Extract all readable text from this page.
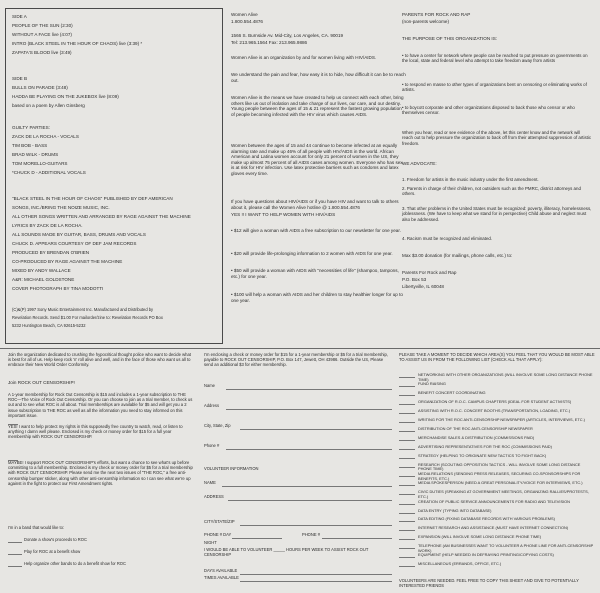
SIDE A
PEOPLE OF THE SUN (2:30)
WITHOUT A FACE live (4:07)
INTRO (BLACK STEEL IN THE HOUR OF CHAOS) live (3:39) *
ZAPATA'S BLOOD live (3:49)
SIDE B
BULLS ON PARADE (3:48)
HADDA BE PLAYING ON THE JUKEBOX live (8:09)
based on a poem by Allen Ginsberg
GUILTY PARTIES:
ZACK DE LA ROCHA - VOCALS
TIM BOB - BASS
BRAD WILK - DRUMS
TOM MORELLO-GUITARS
*CHUCK D - ADDITIONAL VOCALS
"BLACK STEEL IN THE HOUR OF CHAOS" PUBLISHED BY DEF AMERICAN
SONGS, INC./BRING THE NOIZE MUSIC, INC.
ALL OTHER SONGS WRITTEN AND ARRANGED BY RAGE AGAINST THE MACHINE
LYRICS BY ZACK DE LA ROCHA.
ALL SOUNDS MADE BY GUITAR, BASS, DRUMS AND VOCALS
CHUCK D. APPEARS COURTESY OF DEF JAM RECORDS
PRODUCED BY BRENDAN O'BRIEN
CO-PRODUCED BY RAGE AGAINST THE MACHINE
MIXED BY ANDY WALLACE
A&R: MICHAEL GOLDSTONE
COVER PHOTOGRAPH BY TINA MODOTTI
(C)&(P) 1997 Sony Music Entertainment Inc. Manufactured and Distributed by
Revelation Records. Send $1.00 For mailorder/zine to: Revelation Records PO Box
5232 Huntington Beach, CA 92615-5232
Women Alive
1.800.554.4876
1566 S. Burnside Av. Mid-City, Los Angeles, CA. 90019
Tel: 213.965.1564 Fax: 213.965.9886
Women Alive is an organization by and for women living with HIV/AIDS.
We understand the pain and fear, how easy it is to hide, how difficult it can be to reach out.
Women Alive is the means we have created to help us connect with each other, bring others like us out of isolation and take charge of our lives, our care, and our destiny. Young people between the ages of 15 & 21 represent the fastest growing population of people becoming infected with the HIV virus which causes AIDS.
Women between the ages of 15 and 44 continue to become infected at an equally alarming rate and make up 46% of all people with HIV/AIDS in the world. African American and Latina women account for only 21 percent of women in the US, they make up almost 75 percent of all AIDS cases among women. Everyone who has sex is at risk for HIV infection. Use latex protective barriers such as condoms and latex gloves every time.
If you have questions about HIV/AIDS or if you have HIV and want to talk to others about it, please call the Women Alive hotline @ 1.800.554.4876
YES !! I WANT TO HELP WOMEN WITH HIV/AIDS
• $12 will give a woman with AIDS a free subscription to our newsletter for one year.
• $20 will provide life-prolonging information to 2 women with AIDS for one year.
• $50 will provide a woman with AIDS with "necessities of life" (shampoo, tampons, etc.) for one year.
• $100 will help a woman with AIDS and her children to stay healthier longer for up to one year.
PARENTS FOR ROCK AND RAP
(non-parents welcome)
THE PURPOSE OF THIS ORGANIZATION IS:
• to have a center for network where people can be reached to put pressure on governments on the local, state and federal level who attempt to take freedom away from artists
• to respond en masse to other types of organizations bent on censoring or eliminating works of artists.
• to boycott corporate and other organizations disposed to back those who censor or who themselves censor.
When you hear, read or see evidence of the above, let this center know and the network will reach out to help pressure the organization to back off from their attempted suppression of artistic freedom.
WE ADVOCATE:
1. Freedom for artists in the music industry under the first amendment.
2. Parents in charge of their children, not outsiders such as the PMRC, district attorneys and others.
3. That other problems in the United States must be recognized: poverty, illiteracy, homelessness, joblessness. (We have to keep what we stand for in perspective) Child abuse and neglect must also be addressed.
4. Racism must be recognized and eliminated.
Max $3.00 donation (for mailings, phone calls, etc.) to:
Parents For Rock and Rap
P.O. Box 53
Libertyville, IL 60048
Join the organization dedicated to crushing the hypocritical thought police who want to decide what is best for all of us. Help keep rock 'n' roll alive and well, and in the face of those who want us all to embrace their New World Order Conformity.
Join ROCK OUT CENSORSHIP!
A 1-year membership for Rock Out Censorship is $15 and includes a 1-year subscription to THE ROC—The Voice of Rock Out Censorship. Or you can choose to join as a trial member, to check us out and to see what ROC is all about. Trial memberships are available for $5 and will get you a 2 issue subscription to THE ROC as well as all the information you need to stay informed on this important issue.
YES! I want to help protect my rights in this supposedly free country to watch, read, or listen to anything I damn well please. Enclosed is my check or money order for $15 for a full year membership with ROCK OUT CENSORSHIP.
MAYBE! I support ROCK OUT CENSORSHIP's efforts, but want a chance to see what's up before committing to a full membership. Enclosed is my check or money order for $5 for a trial membership with ROCK OUT CENSORSHIP. Please send me the next two issues of "THE ROC," a free anti-censorship bumper sticker, along with other anti-censorship information so I can see what we're up against in the fight to protect our First Amendment rights.
I'm in a band that would like to:
Donate a show's proceeds to ROC
Play for ROC at a benefit show
Help organize other bands to do a benefit show for ROC
I'm enclosing a check or money order for $15 for a 1-year membership or $5 for a trial membership, payable to ROCK OUT CENSORSHIP, P.O. Box 147, Jewett, OH 43986. Outside the US, Please send an additional $3 for either membership.
Name
Address
City, State, Zip
Phone #
VOLUNTEER INFORMATION
NAME
ADDRESS
CITY/STATE/ZIP
PHONE # DAY	PHONE #
NIGHT
I WOULD BE ABLE TO VOLUNTEER _____ HOURS PER WEEK TO ASSIST ROCK OUT CENSORSHIP
DAYS AVAILABLE
TIMES AVAILABLE
PLEASE TAKE A MOMENT TO DECIDE WHICH AREA(S) YOU FEEL THAT YOU WOULD BE MOST ABLE TO ASSIST US IN FROM THE FOLLOWING LIST (CHECK ALL THAT APPLY):
NETWORKING WITH OTHER ORGANIZATIONS (WILL INVOLVE SOME LONG DISTANCE PHONE TIME)
FUND RAISING
BENEFIT CONCERT COORDINATING
ORGANIZATION OF R.O.C. CAMPUS CHAPTERS (IDEAL FOR STUDENT ACTIVISTS)
ASSISTING WITH R.O.C. CONCERT BOOTHS (TRANSPORTATION, LOADING, ETC.)
WRITING FOR THE ROC ANTI-CENSORSHIP NEWSPAPER (ARTICLES, INTERVIEWS, ETC.)
DISTRIBUTION OF THE ROC ANTI-CENSORSHIP NEWSPAPER
MERCHANDISE SALES & DISTRIBUTION (COMMISSIONS PAID)
ADVERTISING REPRESENTATIVES FOR THE ROC (COMMISSIONS PAID)
STRATEGY (HELPING TO ORIGINATE NEW TACTICS TO FIGHT BACK)
RESEARCH (SCOUTING OPPOSITION TACTICS - WILL INVOLVE SOME LONG DISTANCE PHONE TIME)
MEDIA RELATIONS (SENDING PRESS RELEASES, SECURING CO-SPONSORSHIPS FOR BENEFITS, ETC.)
MEDIA SPOKESPERSON (NEED A GREAT PERSONALITY/VOICE FOR INTERVIEWS, ETC.)
CIVIC DUTIES (SPEAKING AT GOVERNMENT MEETINGS, ORGANIZING RALLIES/PROTESTS, ETC.)
CREATION OF PUBLIC SERVICE ANNOUNCEMENTS FOR RADIO AND TELEVISION
DATA ENTRY (TYPING INTO DATABASE)
DATA EDITING (FIXING DATABASE RECORDS WITH VARIOUS PROBLEMS)
INTERNET RESEARCH AND ASSISTANCE (MUST HAVE INTERNET CONNECTION)
EXPANSION (WILL INVOLVE SOME LONG DISTANCE PHONE TIME)
TELEPHONE (AM BUSINESSES WANT TO VOLUNTEER A PHONE LINE FOR ANTI-CENSORSHIP WORK)
EQUIPMENT (HELP NEEDED IN DEFRAYING PRINTING/COPYING COSTS)
MISCELLANEOUS (ERRANDS, OFFICE, ETC.)
VOLUNTEERS ARE NEEDED. FEEL FREE TO COPY THIS SHEET AND GIVE TO POTENTIALLY INTERESTED FRIENDS
